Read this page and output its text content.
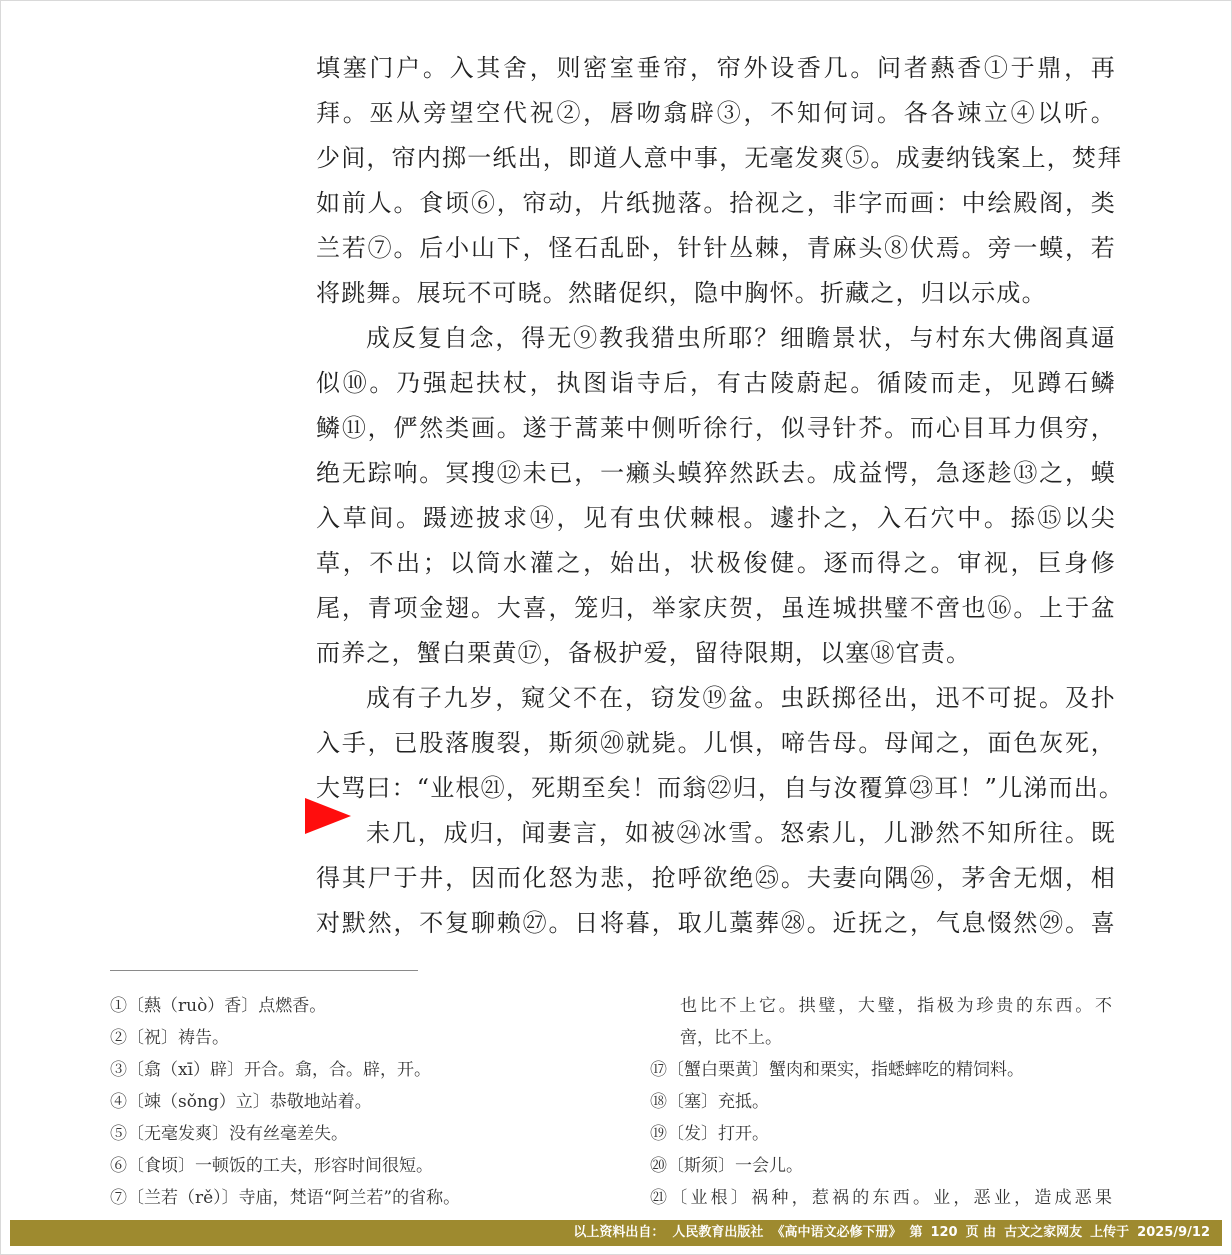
填塞门户。入其舍，则密室垂帘，帘外设香几。问者爇香①于鼎，再
拜。巫从旁望空代祝②，唇吻翕辟③，不知何词。各各竦立④以听。
少间，帘内掷一纸出，即道人意中事，无毫发爽⑤。成妻纳钱案上，焚拜
如前人。食顷⑥，帘动，片纸抛落。拾视之，非字而画：中绘殿阁，类
兰若⑦。后小山下，怪石乱卧，针针丛棘，青麻头⑧伏焉。旁一蟆，若
将跳舞。展玩不可晓。然睹促织，隐中胸怀。折藏之，归以示成。
成反复自念，得无⑨教我猎虫所耶？细瞻景状，与村东大佛阁真逼
似⑩。乃强起扶杖，执图诣寺后，有古陵蔚起。循陵而走，见蹲石鳞
鳞⑪，俨然类画。遂于蒿莱中侧听徐行，似寻针芥。而心目耳力俱穷，
绝无踪响。冥搜⑫未已，一癞头蟆猝然跃去。成益愕，急逐趁⑬之，蟆
入草间。蹑迹披求⑭，见有虫伏棘根。遽扑之，入石穴中。掭⑮以尖
草，不出；以筒水灌之，始出，状极俊健。逐而得之。审视，巨身修
尾，青项金翅。大喜，笼归，举家庆贺，虽连城拱璧不啻也⑯。上于盆
而养之，蟹白栗黄⑰，备极护爱，留待限期，以塞⑱官责。
成有子九岁，窥父不在，窃发⑲盆。虫跃掷径出，迅不可捉。及扑
入手，已股落腹裂，斯须⑳就毙。儿惧，啼告母。母闻之，面色灰死，
大骂曰：“业根㉑，死期至矣！而翁㉒归，自与汝覆算㉓耳！”儿涕而出。
未几，成归，闻妻言，如被㉔冰雪。怒索儿，儿渺然不知所往。既
得其尸于井，因而化怒为悲，抢呼欲绝㉕。夫妻向隅㉖，茅舍无烟，相
对默然，不复聊赖㉗。日将暮，取儿藁葬㉘。近抚之，气息惙然㉙。喜
①〔爇（ruò）香〕点燃香。
②〔祝〕祷告。
③〔翕（xī）辟〕开合。翕，合。辟，开。
④〔竦（sǒng）立〕恭敬地站着。
⑤〔无毫发爽〕没有丝毫差失。
⑥〔食顷〕一顿饭的工夫，形容时间很短。
⑦〔兰若（rě）〕寺庙，梵语“阿兰若”的省称。
也比不上它。拱璧，大璧，指极为珍贵的东西。不
啻，比不上。
⑰〔蟹白栗黄〕蟹肉和栗实，指蟋蟀吃的精饲料。
⑱〔塞〕充抵。
⑲〔发〕打开。
⑳〔斯须〕一会儿。
㉑〔业根〕祸种，惹祸的东西。业，恶业，造成恶果
以上资料出自： 人民教育出版社 《高中语文必修下册》 第 120 页 由 古文之家网友 上传于 2025/9/12
